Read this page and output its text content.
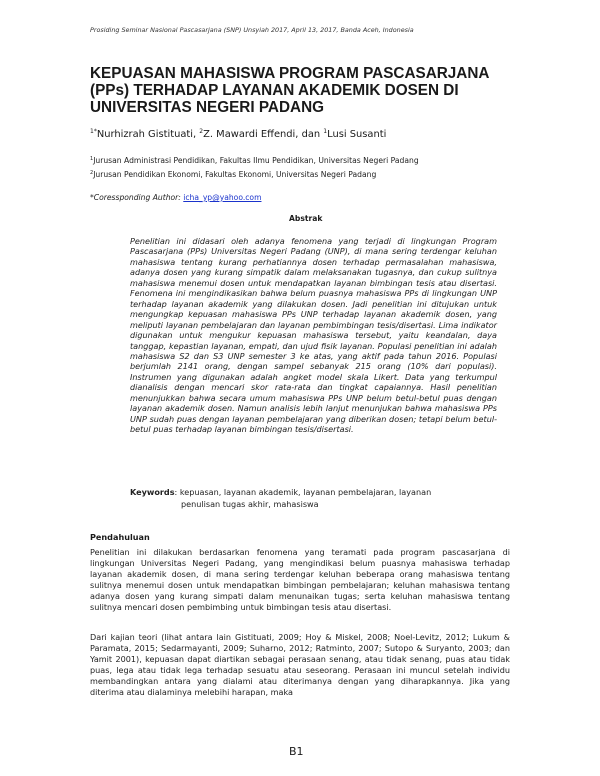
Prosiding Seminar Nasional Pascasarjana (SNP) Unsyiah 2017, April 13, 2017, Banda Aceh, Indonesia
KEPUASAN MAHASISWA PROGRAM PASCASARJANA (PPs) TERHADAP LAYANAN AKADEMIK DOSEN DI UNIVERSITAS NEGERI PADANG
$^{1*}$Nurhizrah Gistituati, $^2$Z. Mawardi Effendi, dan $^1$Lusi Susanti
$^1$Jurusan Administrasi Pendidikan, Fakultas Ilmu Pendidikan, Universitas Negeri Padang
$^2$Jurusan Pendidikan Ekonomi, Fakultas Ekonomi, Universitas Negeri Padang
*Coressponding Author: icha_yp@yahoo.com
Abstrak

Penelitian ini didasari oleh adanya fenomena yang terjadi di lingkungan Program Pascasarjana (PPs) Universitas Negeri Padang (UNP), di mana sering terdengar keluhan mahasiswa tentang kurang perhatiannya dosen terhadap permasalahan mahasiswa, adanya dosen yang kurang simpatik dalam melaksanakan tugasnya, dan cukup sulitnya mahasiswa menemui dosen untuk mendapatkan layanan bimbingan tesis atau disertasi. Fenomena ini mengindikasikan bahwa belum puasnya mahasiswa PPs di lingkungan UNP terhadap layanan akademik yang dilakukan dosen. Jadi penelitian ini ditujukan untuk mengungkap kepuasan mahasiswa PPs UNP terhadap layanan akademik dosen, yang meliputi layanan pembelajaran dan layanan pembimbingan tesis/disertasi. Lima indikator digunakan untuk mengukur kepuasan mahasiswa tersebut, yaitu keandalan, daya tanggap, kepastian layanan, empati, dan ujud fisik layanan. Populasi penelitian ini adalah mahasiswa S2 dan S3 UNP semester 3 ke atas, yang aktif pada tahun 2016. Populasi berjumlah 2141 orang, dengan sampel sebanyak 215 orang (10% dari populasi). Instrumen yang digunakan adalah angket model skala Likert. Data yang terkumpul dianalisis dengan mencari skor rata-rata dan tingkat capaiannya. Hasil penelitian menunjukkan bahwa secara umum mahasiswa PPs UNP belum betul-betul puas dengan layanan akademik dosen. Namun analisis lebih lanjut menunjukan bahwa mahasiswa PPs UNP sudah puas dengan layanan pembelajaran yang diberikan dosen; tetapi belum betul-betul puas terhadap layanan bimbingan tesis/disertasi.

Keywords: kepuasan, layanan akademik, layanan pembelajaran, layanan
penulisan tugas akhir, mahasiswa
Pendahuluan

Penelitian ini dilakukan berdasarkan fenomena yang teramati pada program pascasarjana di lingkungan Universitas Negeri Padang, yang mengindikasi belum puasnya mahasiswa terhadap layanan akademik dosen, di mana sering terdengar keluhan beberapa orang mahasiswa tentang sulitnya menemui dosen untuk mendapatkan bimbingan pembelajaran; keluhan mahasiswa tentang adanya dosen yang kurang simpati dalam menunaikan tugas; serta keluhan mahasiswa tentang sulitnya mencari dosen pembimbing untuk bimbingan tesis atau disertasi.

Dari kajian teori (lihat antara lain Gistituati, 2009; Hoy & Miskel, 2008; Noel-Levitz, 2012; Lukum & Paramata, 2015; Sedarmayanti, 2009; Suharno, 2012; Ratminto, 2007; Sutopo & Suryanto, 2003; dan Yamit 2001), kepuasan dapat diartikan sebagai perasaan senang, atau tidak senang, puas atau tidak puas, lega atau tidak lega terhadap sesuatu atau seseorang. Perasaan ini muncul setelah individu membandingkan antara yang dialami atau diterimanya dengan yang diharapkannya. Jika yang diterima atau dialaminya melebihi harapan, maka

B1
